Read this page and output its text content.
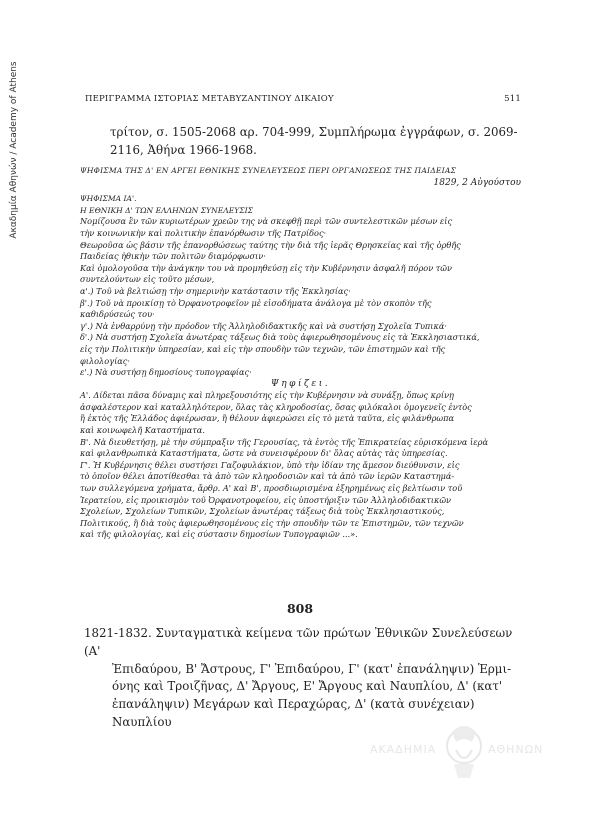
Ακαδημία Αθηνών / Academy of Athens	ΠΕΡΙΓΡΑΜΜΑ ΙΣΤΟΡΙΑΣ ΜΕΤΑΒΥΖΑΝΤΙΝΟΥ ΔΙΚΑΙΟΥ	511
τρίτον, σ. 1505-2068 αρ. 704-999, Συμπλήρωμα ἐγγράφων, σ. 2069-
2116, Ἀθήνα 1966-1968.
ΨΗΦΙΣΜΑ ΤΗΣ Δ' ΕΝ ΑΡΓΕΙ ΕΘΝΙΚΗΣ ΣΥΝΕΛΕΥΣΕΩΣ ΠΕΡΙ ΟΡΓΑΝΩΣΕΩΣ ΤΗΣ ΠΑΙΔΕΙΑΣ
1829, 2 Αὐγούστου

ΨΗΦΙΣΜΑ ΙΑ'.

Η ΕΘΝΙΚΗ Δ' ΤΩΝ ΕΛΛΗΝΩΝ ΣΥΝΕΛΕΥΣΙΣ

Νομίζουσα ἓν τῶν κυριωτέρων χρεῶν της νὰ σκεφθῇ περὶ τῶν συντελεστικῶν μέσων εἰς

τὴν κοινωνικὴν καὶ πολιτικὴν ἐπανόρθωσιν τῆς Πατρίδος·

Θεωροῦσα ὡς βάσιν τῆς ἐπανορθώσεως ταύτης τὴν διὰ τῆς ἱερᾶς Θρησκείας καὶ τῆς ὀρθῆς

Παιδείας ἠθικὴν τῶν πολιτῶν διαμόρφωσιν·

Καὶ ὁμολογοῦσα τὴν ἀνάγκην του νὰ προμηθεύσῃ εἰς τὴν Κυβέρνησιν ἀσφαλῆ πόρον τῶν

συντελούντων εἰς τοῦτο μέσων,

α'.) Τοῦ νὰ βελτιώσῃ τὴν σημερινὴν κατάστασιν τῆς Ἐκκλησίας·

β'.) Τοῦ νὰ προικίσῃ τὸ Ὀρφανοτροφεῖον μὲ εἰσοδήματα ἀνάλογα μὲ τὸν σκοπὸν τῆς

καθιδρύσεώς του·

γ'.) Νὰ ἐνθαρρύνῃ τὴν πρόοδον τῆς Ἀλληλοδιδακτικῆς καὶ νὰ συστήσῃ Σχολεῖα Τυπικά·

δ'.) Νὰ συστήσῃ Σχολεῖα ἀνωτέρας τάξεως διὰ τοὺς ἀφιερωθησομένους εἰς τὰ Ἐκκλησιαστικά,

εἰς τὴν Πολιτικὴν ὑπηρεσίαν, καὶ εἰς τὴν σπουδὴν τῶν τεχνῶν, τῶν ἐπιστημῶν καὶ τῆς

φιλολογίας·

ε'.) Νὰ συστήσῃ δημοσίους τυπογραφίας·

Ψηφίζει.

Α'. Δίδεται πᾶσα δύναμις καὶ πληρεξουσιότης εἰς τὴν Κυβέρνησιν νὰ συνάξῃ, ὅπως κρίνῃ

ἀσφαλέστερον καὶ καταλληλότερον, ὅλας τὰς κληροδοσίας, ὅσας φιλόκαλοι ὁμογενεῖς ἐντὸς

ἢ ἐκτὸς τῆς Ἑλλάδος ἀφιέρωσαν, ἢ θέλουν ἀφιερώσει εἰς τὸ μετὰ ταῦτα, εἰς φιλάνθρωπα

καὶ κοινωφελῆ Καταστήματα.

Β'. Νὰ διευθετήσῃ, μὲ τὴν σύμπραξιν τῆς Γερουσίας, τὰ ἐντὸς τῆς Ἐπικρατείας εὑρισκόμενα ἱερὰ

καὶ φιλανθρωπικὰ Καταστήματα, ὥστε νὰ συνεισφέρουν δι' ὅλας αὐτὰς τὰς ὑπηρεσίας.

Γ'. Ἡ Κυβέρνησις θέλει συστήσει Γαζοφυλάκιον, ὑπὸ τὴν ἰδίαν της ἄμεσον διεύθυνσιν, εἰς

τὸ ὁποῖον θέλει ἀποτίθεσθαι τὰ ἀπὸ τῶν κληροδοσιῶν καὶ τὰ ἀπὸ τῶν ἱερῶν Καταστημά-

των συλλεγόμενα χρήματα, ἄρθρ. Α' καὶ Β', προσδιωρισμένα ἐξηρημένως εἰς βελτίωσιν τοῦ

Ἱερατείου, εἰς προικισμὸν τοῦ Ὀρφανοτροφείου, εἰς ὑποστήριξιν τῶν Ἀλληλοδιδακτικῶν

Σχολείων, Σχολείων Τυπικῶν, Σχολείων ἀνωτέρας τάξεως διὰ τοὺς Ἐκκλησιαστικούς,

Πολιτικούς, ἢ διὰ τοὺς ἀφιερωθησομένους εἰς τὴν σπουδὴν τῶν τε Ἐπιστημῶν, τῶν τεχνῶν

καὶ τῆς φιλολογίας, καὶ εἰς σύστασιν δημοσίων Τυπογραφιῶν ...».

808
1821-1832. Συνταγματικὰ κείμενα τῶν πρώτων Ἐθνικῶν Συνελεύσεων (Α'
Ἐπιδαύρου, Β' Ἄστρους, Γ' Ἐπιδαύρου, Γ' (κατ' ἐπανάληψιν) Ἑρμι-
όνης καὶ Τροιζῆνας, Δ' Ἄργους, Ε' Ἄργους καὶ Ναυπλίου, Δ' (κατ'
ἐπανάληψιν) Μεγάρων καὶ Περαχώρας, Δ' (κατὰ συνέχειαν) Ναυπλίου
ΑΚΑΔΗΜΙΑ	ΑΘΗΝΩΝ
